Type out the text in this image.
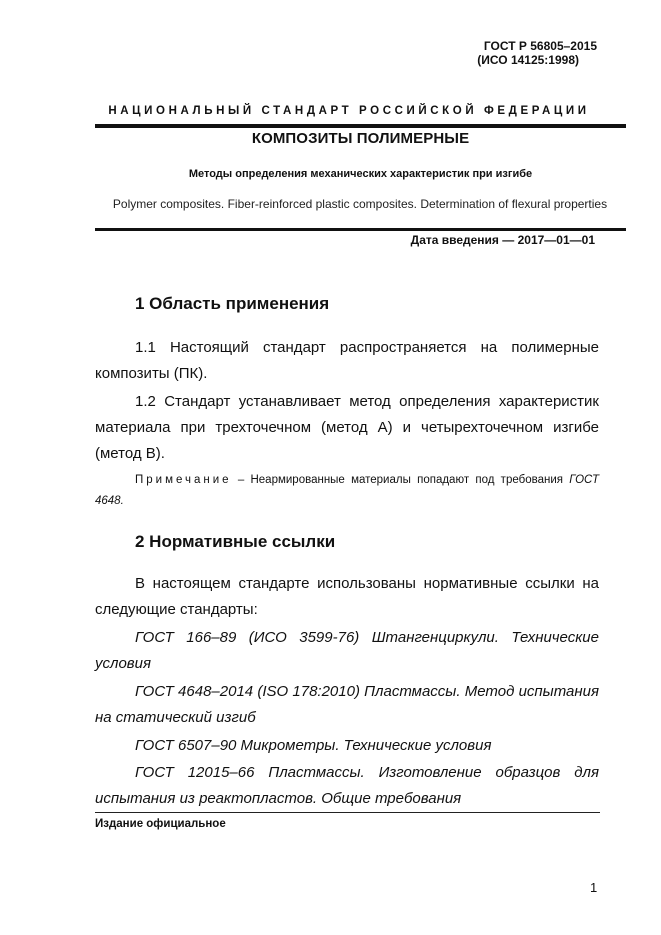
ГОСТ Р 56805–2015
(ИСО 14125:1998)
НАЦИОНАЛЬНЫЙ СТАНДАРТ РОССИЙСКОЙ ФЕДЕРАЦИИ
КОМПОЗИТЫ ПОЛИМЕРНЫЕ
Методы определения механических характеристик при изгибе
Polymer composites. Fiber-reinforced plastic composites. Determination of flexural properties
Дата введения — 2017—01—01
1 Область применения
1.1 Настоящий стандарт распространяется на полимерные композиты (ПК).
1.2 Стандарт устанавливает метод определения характеристик материала при трехточечном (метод А) и четырехточечном изгибе (метод В).
Примечание – Неармированные материалы попадают под требования ГОСТ 4648.
2 Нормативные ссылки
В настоящем стандарте использованы нормативные ссылки на следующие стандарты:
ГОСТ 166–89 (ИСО 3599-76) Штангенциркули. Технические условия
ГОСТ 4648–2014 (ISO 178:2010) Пластмассы. Метод испытания на статический изгиб
ГОСТ 6507–90 Микрометры. Технические условия
ГОСТ 12015–66 Пластмассы. Изготовление образцов для испытания из реактопластов. Общие требования
Издание официальное
1
